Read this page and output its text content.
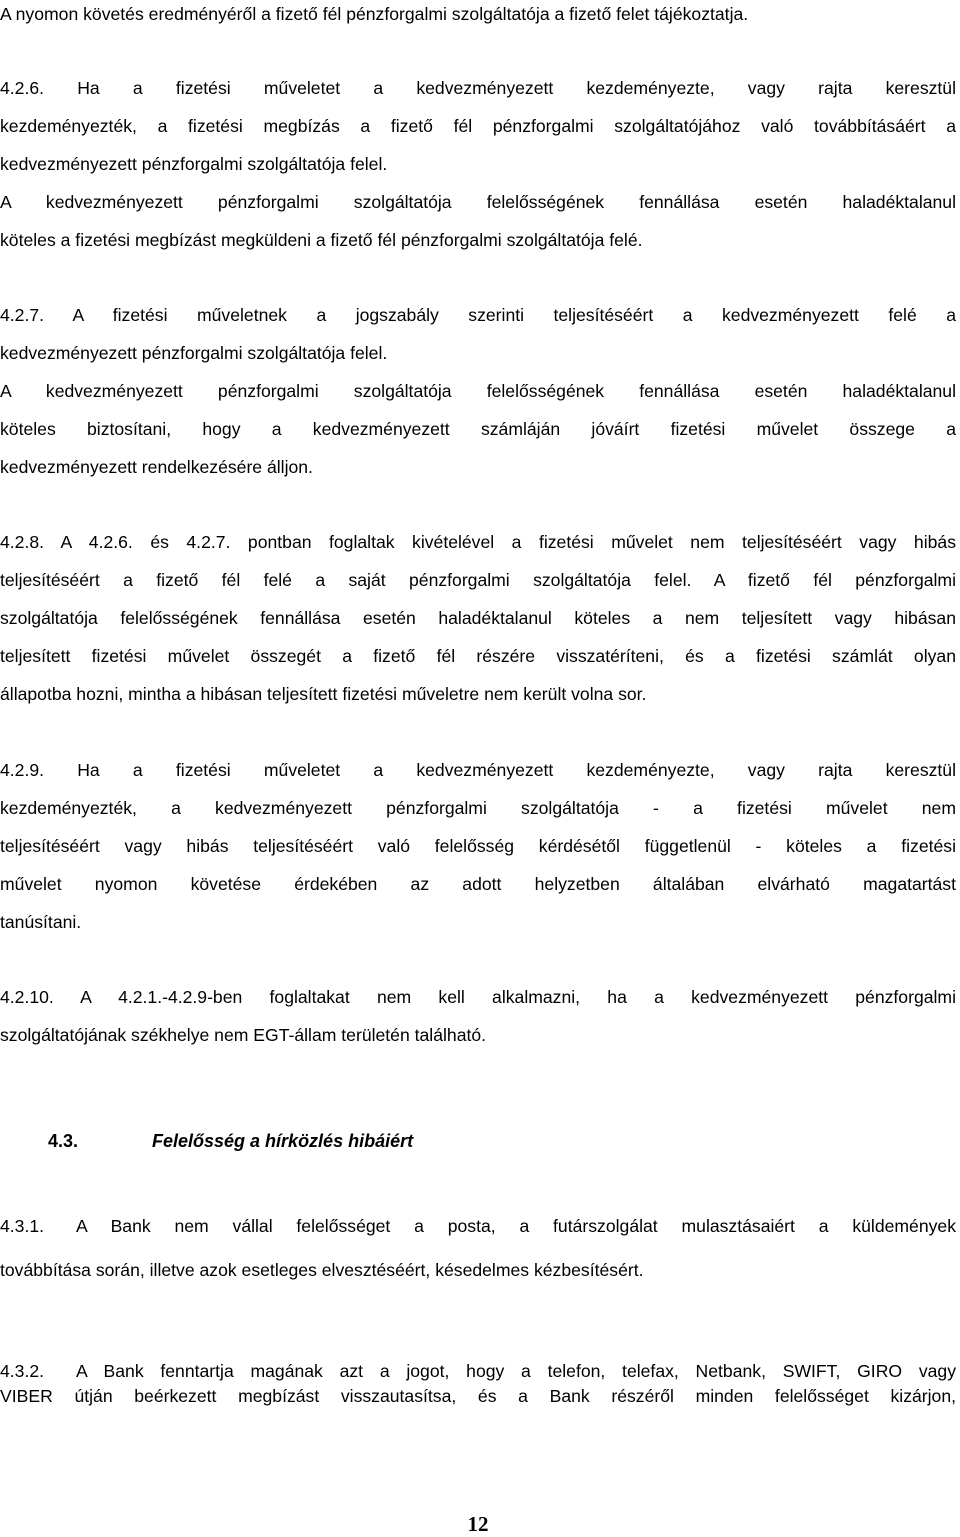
A nyomon követés eredményéről a fizető fél pénzforgalmi szolgáltatója a fizető felet tájékoztatja.
4.2.6. Ha a fizetési műveletet a kedvezményezett kezdeményezte, vagy rajta keresztül
kezdeményezték, a fizetési megbízás a fizető fél pénzforgalmi szolgáltatójához való továbbításáért a
kedvezményezett pénzforgalmi szolgáltatója felel.
A kedvezményezett pénzforgalmi szolgáltatója felelősségének fennállása esetén haladéktalanul
köteles a fizetési megbízást megküldeni a fizető fél pénzforgalmi szolgáltatója felé.
4.2.7. A fizetési műveletnek a jogszabály szerinti teljesítéséért a kedvezményezett felé a
kedvezményezett pénzforgalmi szolgáltatója felel.
A kedvezményezett pénzforgalmi szolgáltatója felelősségének fennállása esetén haladéktalanul
köteles biztosítani, hogy a kedvezményezett számláján jóváírt fizetési művelet összege a
kedvezményezett rendelkezésére álljon.
4.2.8. A 4.2.6. és 4.2.7. pontban foglaltak kivételével a fizetési művelet nem teljesítéséért vagy hibás
teljesítéséért a fizető fél felé a saját pénzforgalmi szolgáltatója felel. A fizető fél pénzforgalmi
szolgáltatója felelősségének fennállása esetén haladéktalanul köteles a nem teljesített vagy hibásan
teljesített fizetési művelet összegét a fizető fél részére visszatéríteni, és a fizetési számlát olyan
állapotba hozni, mintha a hibásan teljesített fizetési műveletre nem került volna sor.
4.2.9. Ha a fizetési műveletet a kedvezményezett kezdeményezte, vagy rajta keresztül
kezdeményezték, a kedvezményezett pénzforgalmi szolgáltatója - a fizetési művelet nem
teljesítéséért vagy hibás teljesítéséért való felelősség kérdésétől függetlenül - köteles a fizetési
művelet nyomon követése érdekében az adott helyzetben általában elvárható magatartást
tanúsítani.
4.2.10. A 4.2.1.-4.2.9-ben foglaltakat nem kell alkalmazni, ha a kedvezményezett pénzforgalmi
szolgáltatójának székhelye nem EGT-állam területén található.
4.3.	Felelősség a hírközlés hibáiért
4.3.1.	A Bank nem vállal felelősséget a posta, a futárszolgálat mulasztásaiért a küldemények
továbbítása során, illetve azok esetleges elvesztéséért, késedelmes kézbesítésért.
4.3.2.	A Bank fenntartja magának azt a jogot, hogy a telefon, telefax, Netbank, SWIFT, GIRO vagy
VIBER útján beérkezett megbízást visszautasítsa, és a Bank részéről minden felelősséget kizárjon,
12
